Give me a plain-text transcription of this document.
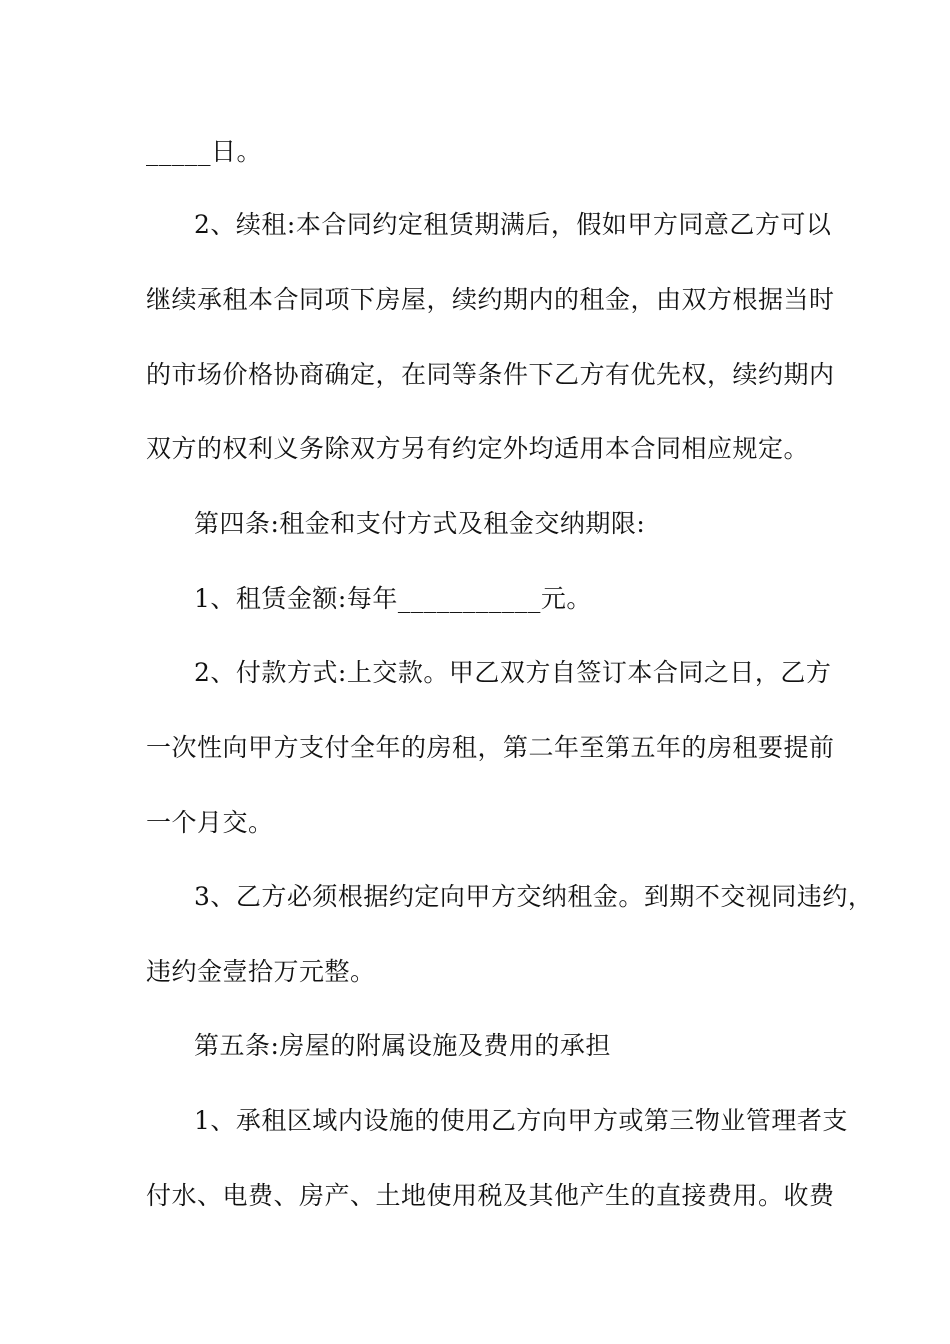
_____日。
2、续租:本合同约定租赁期满后，假如甲方同意乙方可以
继续承租本合同项下房屋，续约期内的租金，由双方根据当时
的市场价格协商确定，在同等条件下乙方有优先权，续约期内
双方的权利义务除双方另有约定外均适用本合同相应规定。
第四条:租金和支付方式及租金交纳期限:
1、租赁金额:每年___________元。
2、付款方式:上交款。甲乙双方自签订本合同之日，乙方
一次性向甲方支付全年的房租，第二年至第五年的房租要提前
一个月交。
3、乙方必须根据约定向甲方交纳租金。到期不交视同违约，
违约金壹拾万元整。
第五条:房屋的附属设施及费用的承担
1、承租区域内设施的使用乙方向甲方或第三物业管理者支
付水、电费、房产、土地使用税及其他产生的直接费用。收费
